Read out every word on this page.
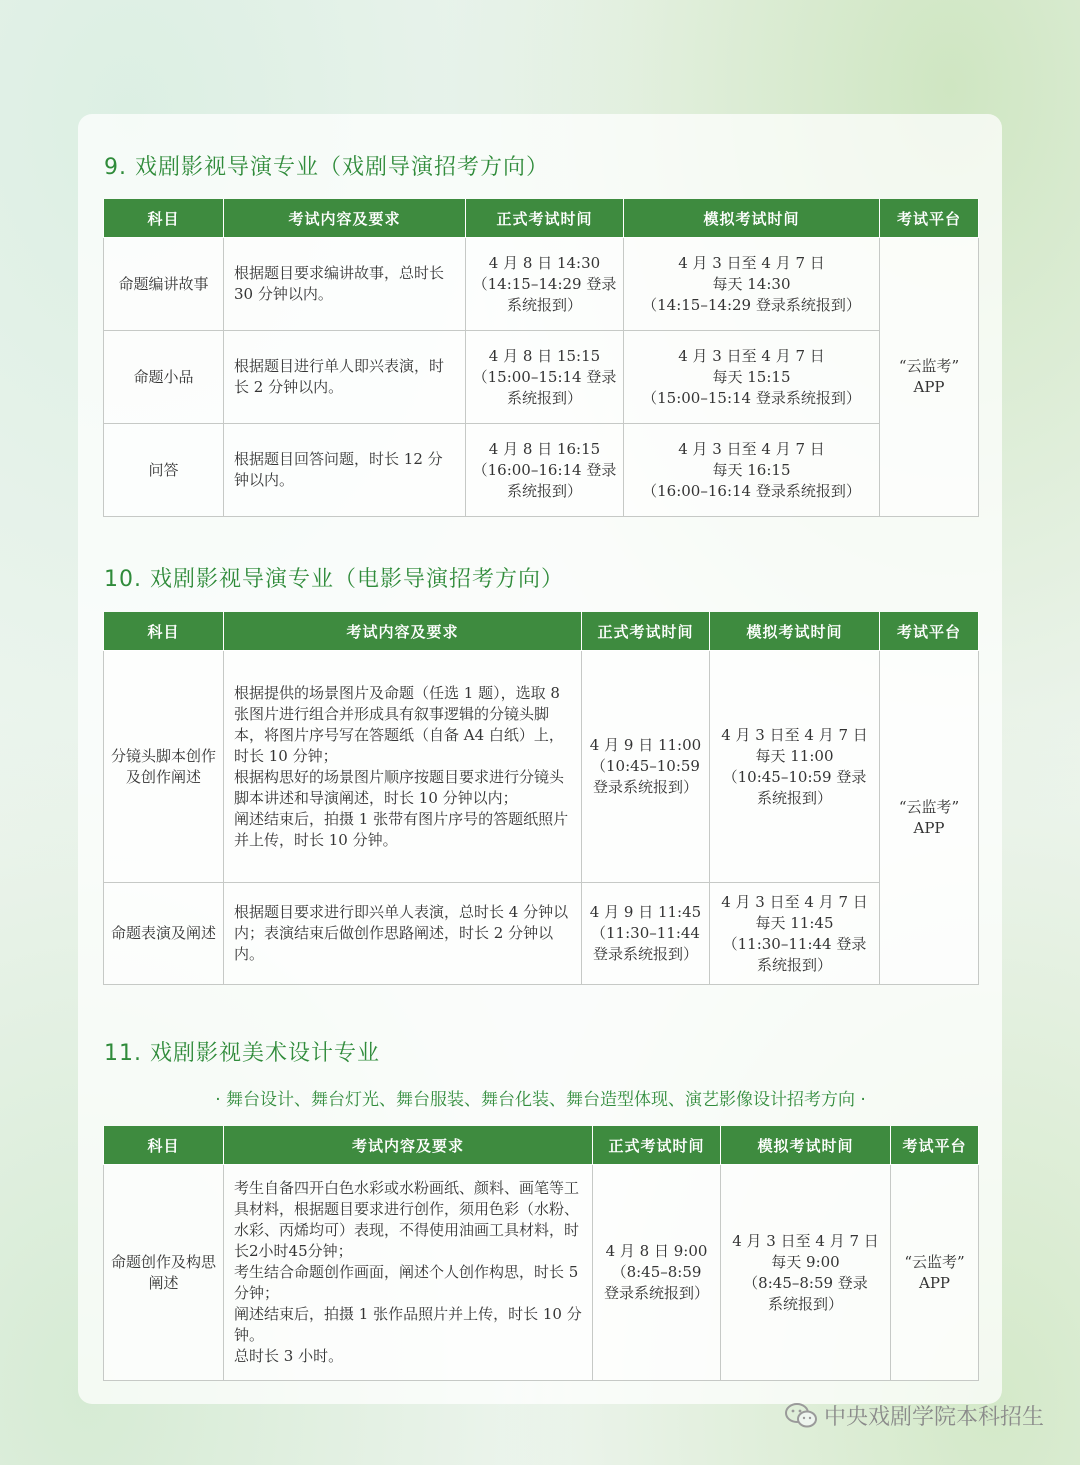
9. 戏剧影视导演专业（戏剧导演招考方向）
科目	考试内容及要求	正式考试时间	模拟考试时间	考试平台
命题编讲故事	根据题目要求编讲故事，总时长 30 分钟以内。	4 月 8 日 14:30
（14:15–14:29 登录
系统报到）	4 月 3 日至 4 月 7 日
每天 14:30
（14:15–14:29 登录系统报到）	“云监考”
APP
命题小品	根据题目进行单人即兴表演，时长 2 分钟以内。	4 月 8 日 15:15
（15:00–15:14 登录
系统报到）	4 月 3 日至 4 月 7 日
每天 15:15
（15:00–15:14 登录系统报到）	
问答	根据题目回答问题，时长 12 分钟以内。	4 月 8 日 16:15
（16:00–16:14 登录
系统报到）	4 月 3 日至 4 月 7 日
每天 16:15
（16:00–16:14 登录系统报到）	
10. 戏剧影视导演专业（电影导演招考方向）
科目	考试内容及要求	正式考试时间	模拟考试时间	考试平台
分镜头脚本创作及创作阐述	根据提供的场景图片及命题（任选 1 题），选取 8 张图片进行组合并形成具有叙事逻辑的分镜头脚本，将图片序号写在答题纸（自备 A4 白纸）上，时长 10 分钟；
根据构思好的场景图片顺序按题目要求进行分镜头脚本讲述和导演阐述，时长 10 分钟以内；
阐述结束后，拍摄 1 张带有图片序号的答题纸照片并上传，时长 10 分钟。	4 月 9 日 11:00
（10:45–10:59
登录系统报到）	4 月 3 日至 4 月 7 日
每天 11:00
（10:45–10:59 登录
系统报到）	“云监考”
APP
命题表演及阐述	根据题目要求进行即兴单人表演，总时长 4 分钟以内；表演结束后做创作思路阐述，时长 2 分钟以内。	4 月 9 日 11:45
（11:30–11:44
登录系统报到）	4 月 3 日至 4 月 7 日
每天 11:45
（11:30–11:44 登录
系统报到）	
11. 戏剧影视美术设计专业
· 舞台设计、舞台灯光、舞台服装、舞台化装、舞台造型体现、演艺影像设计招考方向 ·
科目	考试内容及要求	正式考试时间	模拟考试时间	考试平台
命题创作及构思阐述	考生自备四开白色水彩或水粉画纸、颜料、画笔等工具材料，根据题目要求进行创作，须用色彩（水粉、水彩、丙烯均可）表现，不得使用油画工具材料，时长2小时45分钟；
考生结合命题创作画面，阐述个人创作构思，时长 5 分钟；
阐述结束后，拍摄 1 张作品照片并上传，时长 10 分钟。
总时长 3 小时。	4 月 8 日 9:00
（8:45–8:59
登录系统报到）	4 月 3 日至 4 月 7 日
每天 9:00
（8:45–8:59 登录
系统报到）	“云监考”
APP
中央戏剧学院本科招生
